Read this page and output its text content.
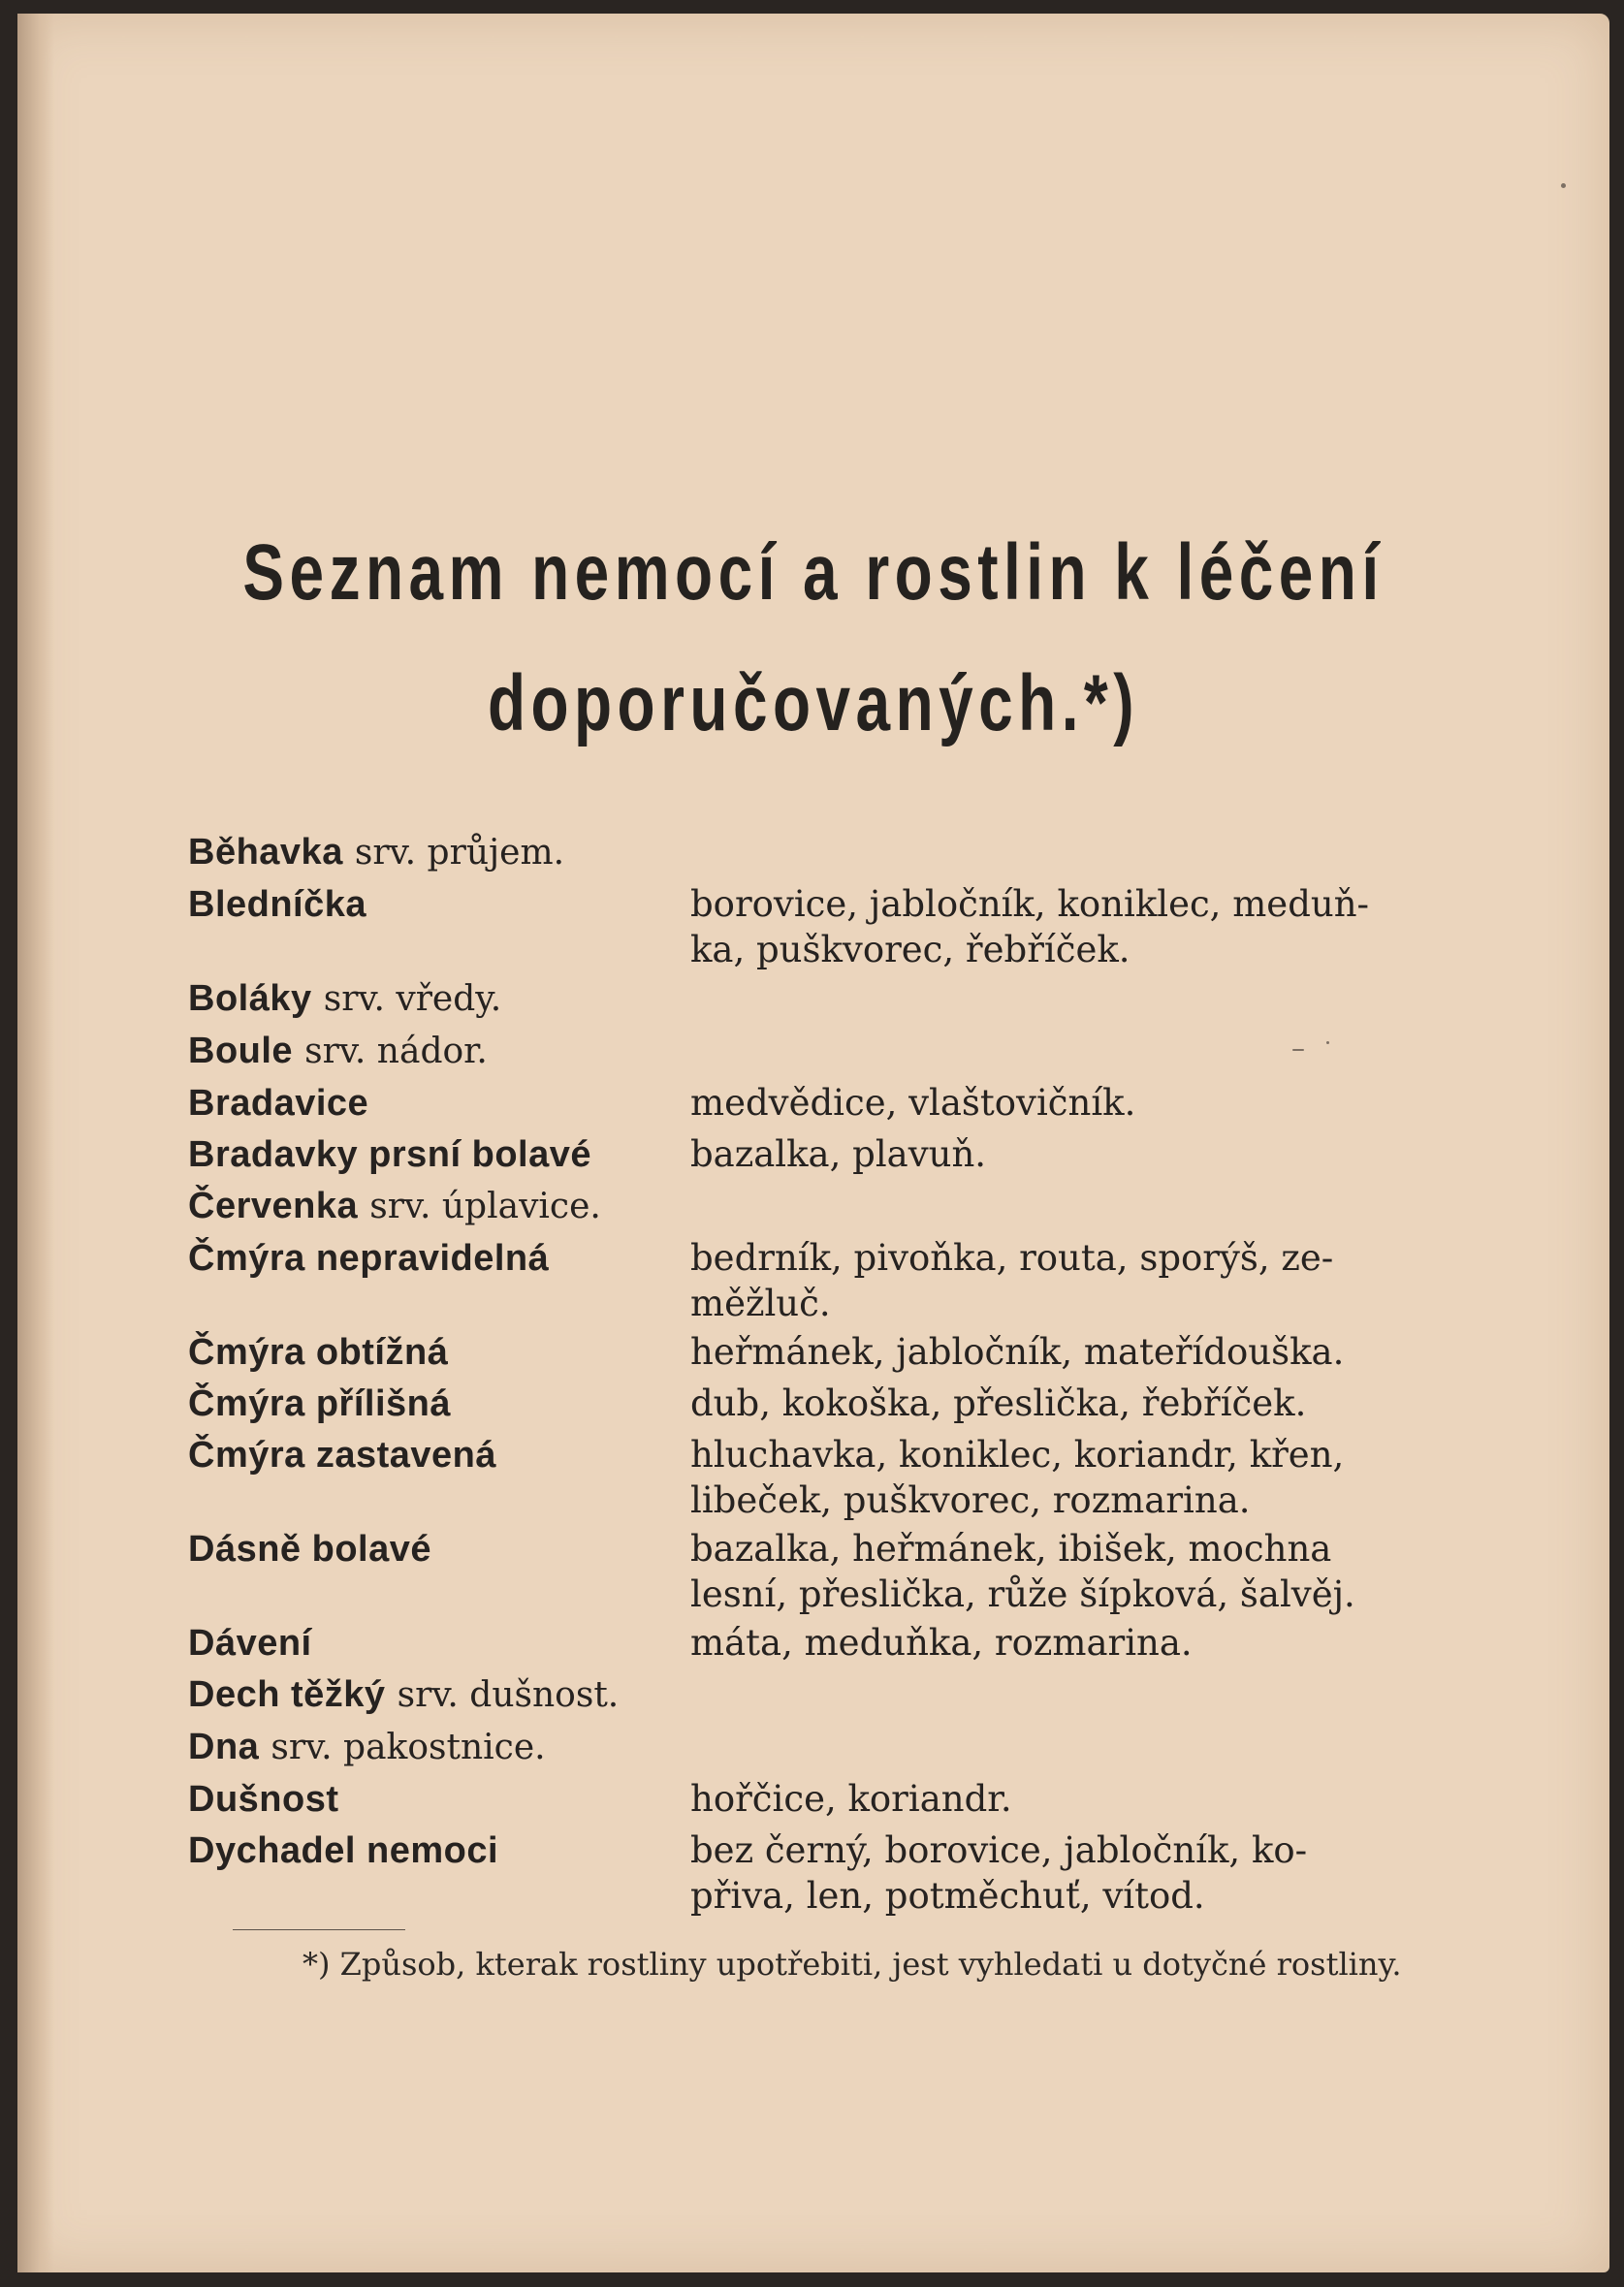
Seznam nemocí a rostlin k léčení
doporučovaných.*)
Běhavka srv. průjem.
Bledníčka	borovice, jabločník, koniklec, meduň-
ka, puškvorec, řebříček.
Boláky srv. vředy.
Boule srv. nádor.
Bradavice	medvědice, vlaštovičník.
Bradavky prsní bolavé	bazalka, plavuň.
Červenka srv. úplavice.
Čmýra nepravidelná	bedrník, pivoňka, routa, sporýš, ze-
měžluč.
Čmýra obtížná	heřmánek, jabločník, mateřídouška.
Čmýra přílišná	dub, kokoška, přeslička, řebříček.
Čmýra zastavená	hluchavka, koniklec, koriandr, křen,
libeček, puškvorec, rozmarina.
Dásně bolavé	bazalka, heřmánek, ibišek, mochna
lesní, přeslička, růže šípková, šalvěj.
Dávení	máta, meduňka, rozmarina.
Dech těžký srv. dušnost.
Dna srv. pakostnice.
Dušnost	hořčice, koriandr.
Dychadel nemoci	bez černý, borovice, jabločník, ko-
přiva, len, potměchuť, vítod.
*) Způsob, kterak rostliny upotřebiti, jest vyhledati u dotyčné rostliny.
